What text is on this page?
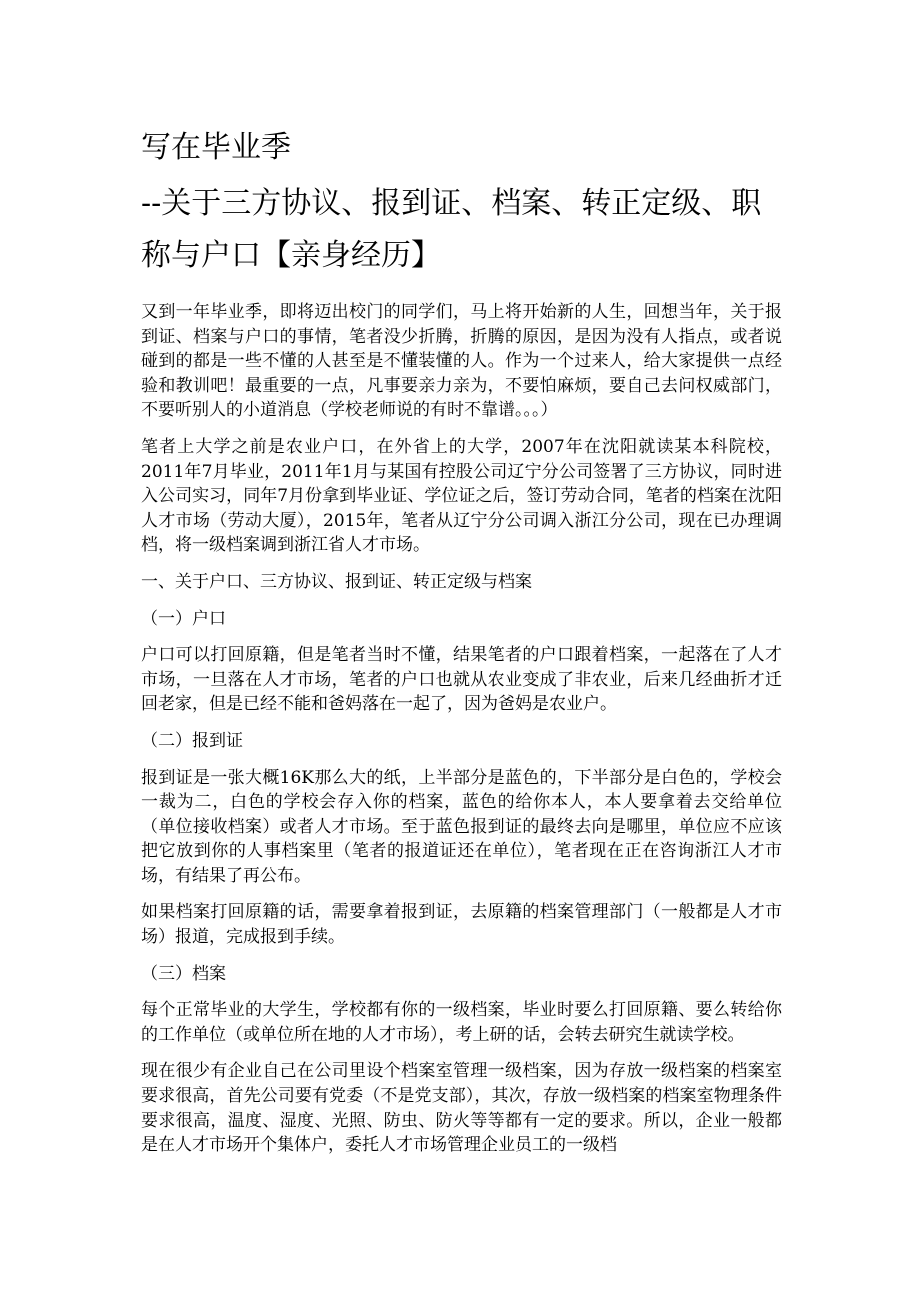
写在毕业季
--关于三方协议、报到证、档案、转正定级、职称与户口【亲身经历】

又到一年毕业季，即将迈出校门的同学们，马上将开始新的人生，回想当年，关于报到证、档案与户口的事情，笔者没少折腾，折腾的原因，是因为没有人指点，或者说碰到的都是一些不懂的人甚至是不懂装懂的人。作为一个过来人，给大家提供一点经验和教训吧！最重要的一点，凡事要亲力亲为，不要怕麻烦，要自己去问权威部门，不要听别人的小道消息（学校老师说的有时不靠谱。。。）

笔者上大学之前是农业户口，在外省上的大学，2007年在沈阳就读某本科院校，2011年7月毕业，2011年1月与某国有控股公司辽宁分公司签署了三方协议，同时进入公司实习，同年7月份拿到毕业证、学位证之后，签订劳动合同，笔者的档案在沈阳人才市场（劳动大厦），2015年，笔者从辽宁分公司调入浙江分公司，现在已办理调档，将一级档案调到浙江省人才市场。

一、关于户口、三方协议、报到证、转正定级与档案

（一）户口

户口可以打回原籍，但是笔者当时不懂，结果笔者的户口跟着档案，一起落在了人才市场，一旦落在人才市场，笔者的户口也就从农业变成了非农业，后来几经曲折才迁回老家，但是已经不能和爸妈落在一起了，因为爸妈是农业户。

（二）报到证

报到证是一张大概16K那么大的纸，上半部分是蓝色的，下半部分是白色的，学校会一裁为二，白色的学校会存入你的档案，蓝色的给你本人，本人要拿着去交给单位（单位接收档案）或者人才市场。至于蓝色报到证的最终去向是哪里，单位应不应该把它放到你的人事档案里（笔者的报道证还在单位），笔者现在正在咨询浙江人才市场，有结果了再公布。

如果档案打回原籍的话，需要拿着报到证，去原籍的档案管理部门（一般都是人才市场）报道，完成报到手续。

（三）档案

每个正常毕业的大学生，学校都有你的一级档案，毕业时要么打回原籍、要么转给你的工作单位（或单位所在地的人才市场），考上研的话，会转去研究生就读学校。

现在很少有企业自己在公司里设个档案室管理一级档案，因为存放一级档案的档案室要求很高，首先公司要有党委（不是党支部），其次，存放一级档案的档案室物理条件要求很高，温度、湿度、光照、防虫、防火等等都有一定的要求。所以，企业一般都是在人才市场开个集体户，委托人才市场管理企业员工的一级档
